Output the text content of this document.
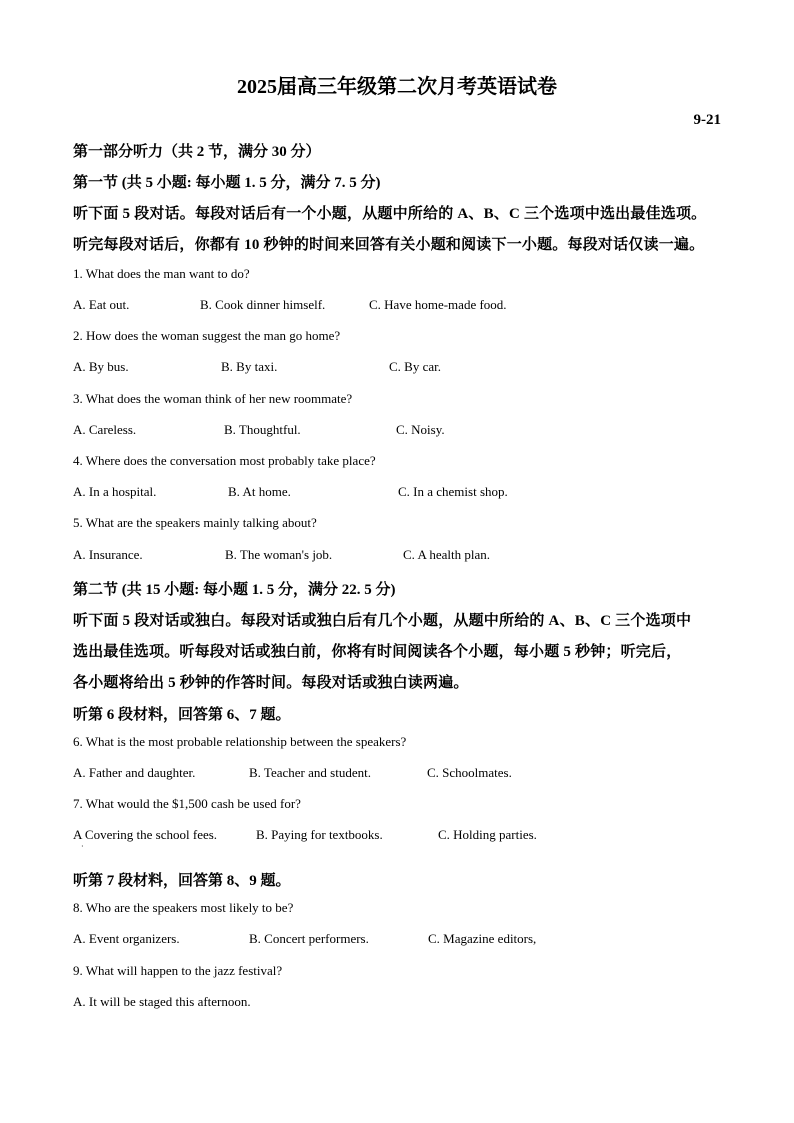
2025届高三年级第二次月考英语试卷
9-21
第一部分听力（共 2 节，满分 30 分）
第一节 (共 5 小题: 每小题 1. 5 分，满分 7. 5 分)
听下面 5 段对话。每段对话后有一个小题，从题中所给的 A、B、C 三个选项中选出最佳选项。
听完每段对话后，你都有 10 秒钟的时间来回答有关小题和阅读下一小题。每段对话仅读一遍。
1. What does the man want to do?
A. Eat out.	B. Cook dinner himself.	C. Have home-made food.
2. How does the woman suggest the man go home?
A. By bus.	B. By taxi.	C. By car.
3. What does the woman think of her new roommate?
A. Careless.	B. Thoughtful.	C. Noisy.
4. Where does the conversation most probably take place?
A. In a hospital.	B. At home.	C. In a chemist shop.
5. What are the speakers mainly talking about?
A. Insurance.	B. The woman's job.	C. A health plan.
第二节 (共 15 小题: 每小题 1. 5 分，满分 22. 5 分)
听下面 5 段对话或独白。每段对话或独白后有几个小题，从题中所给的 A、B、C 三个选项中
选出最佳选项。听每段对话或独白前，你将有时间阅读各个小题，每小题 5 秒钟；听完后，
各小题将给出 5 秒钟的作答时间。每段对话或独白读两遍。
听第 6 段材料，回答第 6、7 题。
6. What is the most probable relationship between the speakers?
A. Father and daughter.	B. Teacher and student.	C. Schoolmates.
7. What would the $1,500 cash be used for?
A Covering the school fees.	B. Paying for textbooks.	C. Holding parties.
·
听第 7 段材料，回答第 8、9 题。
8. Who are the speakers most likely to be?
A. Event organizers.	B. Concert performers.	C. Magazine editors,
9. What will happen to the jazz festival?
A. It will be staged this afternoon.
